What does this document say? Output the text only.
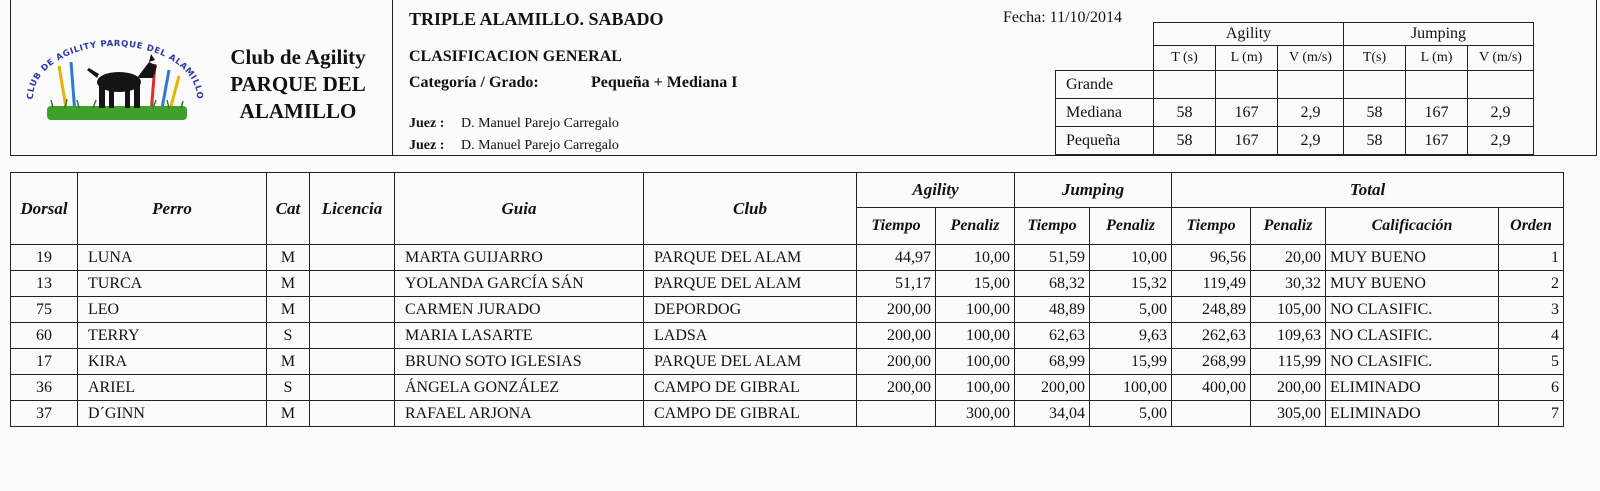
CLUB DE AGILITY PARQUE DEL ALAMILLO
Club de Agility PARQUE DEL ALAMILLO
TRIPLE ALAMILLO. SABADO	Fecha: 11/10/2014
CLASIFICACION GENERAL
Categoría / Grado:	Pequeña + Mediana I
Juez : D. Manuel Parejo Carregalo
Juez : D. Manuel Parejo Carregalo
	Agility			Jumping		
	T (s)	L (m)	V (m/s)	T(s)	L (m)	V (m/s)
Grande						
Mediana	58	167	2,9	58	167	2,9
Pequeña	58	167	2,9	58	167	2,9
Dorsal	Perro	Cat	Licencia	Guia	Club	Agility		Jumping		Total			
						Tiempo	Penaliz	Tiempo	Penaliz	Tiempo	Penaliz	Calificación	Orden
19	LUNA	M		MARTA GUIJARRO	PARQUE DEL ALAM	44,97	10,00	51,59	10,00	96,56	20,00	MUY BUENO	1
13	TURCA	M		YOLANDA GARCÍA SÁN	PARQUE DEL ALAM	51,17	15,00	68,32	15,32	119,49	30,32	MUY BUENO	2
75	LEO	M		CARMEN JURADO	DEPORDOG	200,00	100,00	48,89	5,00	248,89	105,00	NO CLASIFIC.	3
60	TERRY	S		MARIA LASARTE	LADSA	200,00	100,00	62,63	9,63	262,63	109,63	NO CLASIFIC.	4
17	KIRA	M		BRUNO SOTO IGLESIAS	PARQUE DEL ALAM	200,00	100,00	68,99	15,99	268,99	115,99	NO CLASIFIC.	5
36	ARIEL	S		ÁNGELA GONZÁLEZ	CAMPO DE GIBRAL	200,00	100,00	200,00	100,00	400,00	200,00	ELIMINADO	6
37	D´GINN	M		RAFAEL ARJONA	CAMPO DE GIBRAL		300,00	34,04	5,00		305,00	ELIMINADO	7
